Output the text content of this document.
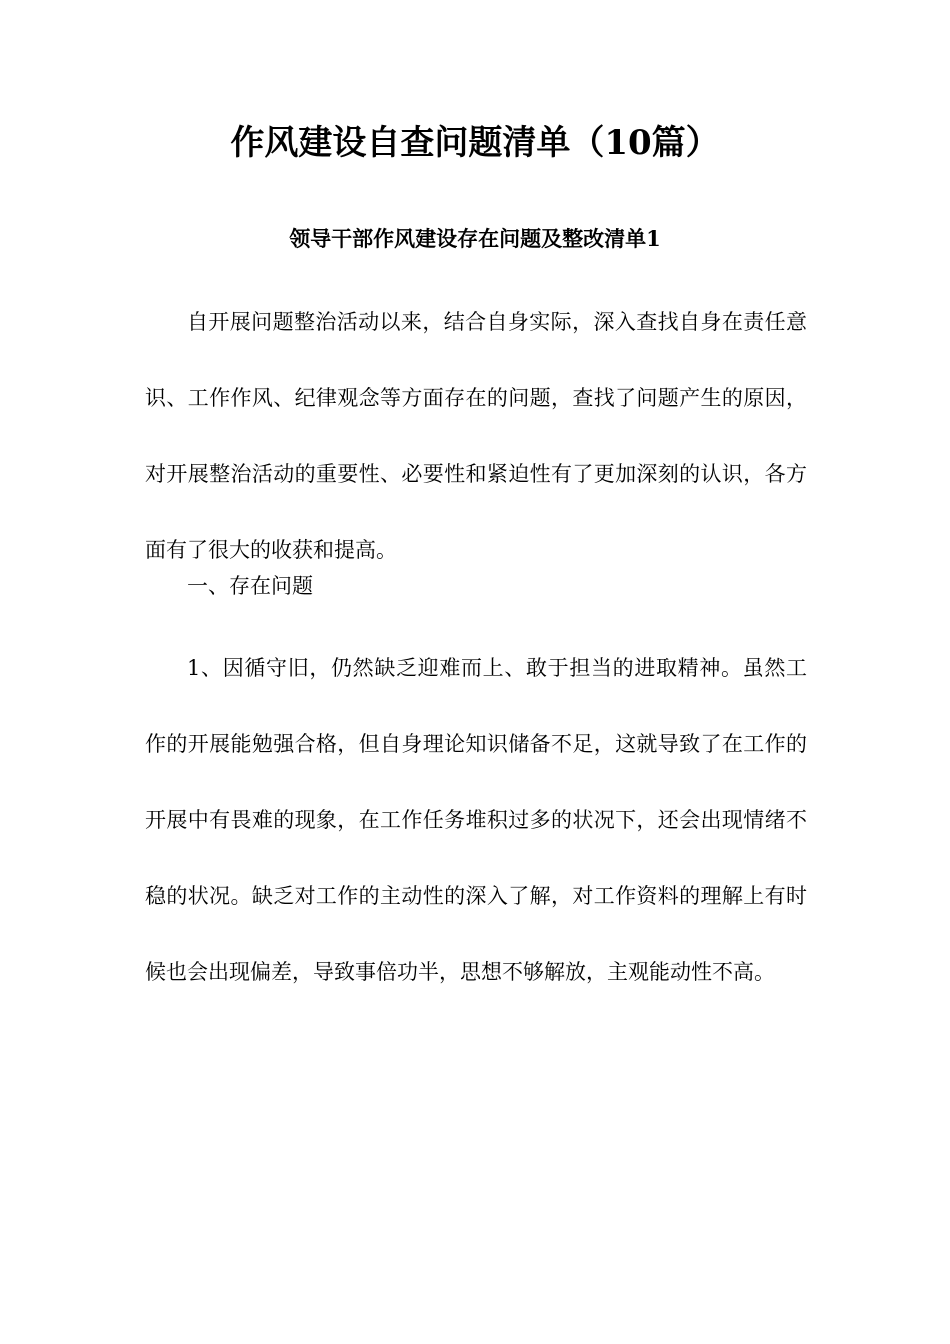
作风建设自查问题清单（10篇）
领导干部作风建设存在问题及整改清单1

自开展问题整治活动以来，结合自身实际，深入查找自身在责任意识、工作作风、纪律观念等方面存在的问题，查找了问题产生的原因，对开展整治活动的重要性、必要性和紧迫性有了更加深刻的认识，各方面有了很大的收获和提高。

一、存在问题

1、因循守旧，仍然缺乏迎难而上、敢于担当的进取精神。虽然工作的开展能勉强合格，但自身理论知识储备不足，这就导致了在工作的开展中有畏难的现象，在工作任务堆积过多的状况下，还会出现情绪不稳的状况。缺乏对工作的主动性的深入了解，对工作资料的理解上有时候也会出现偏差，导致事倍功半，思想不够解放，主观能动性不高。
